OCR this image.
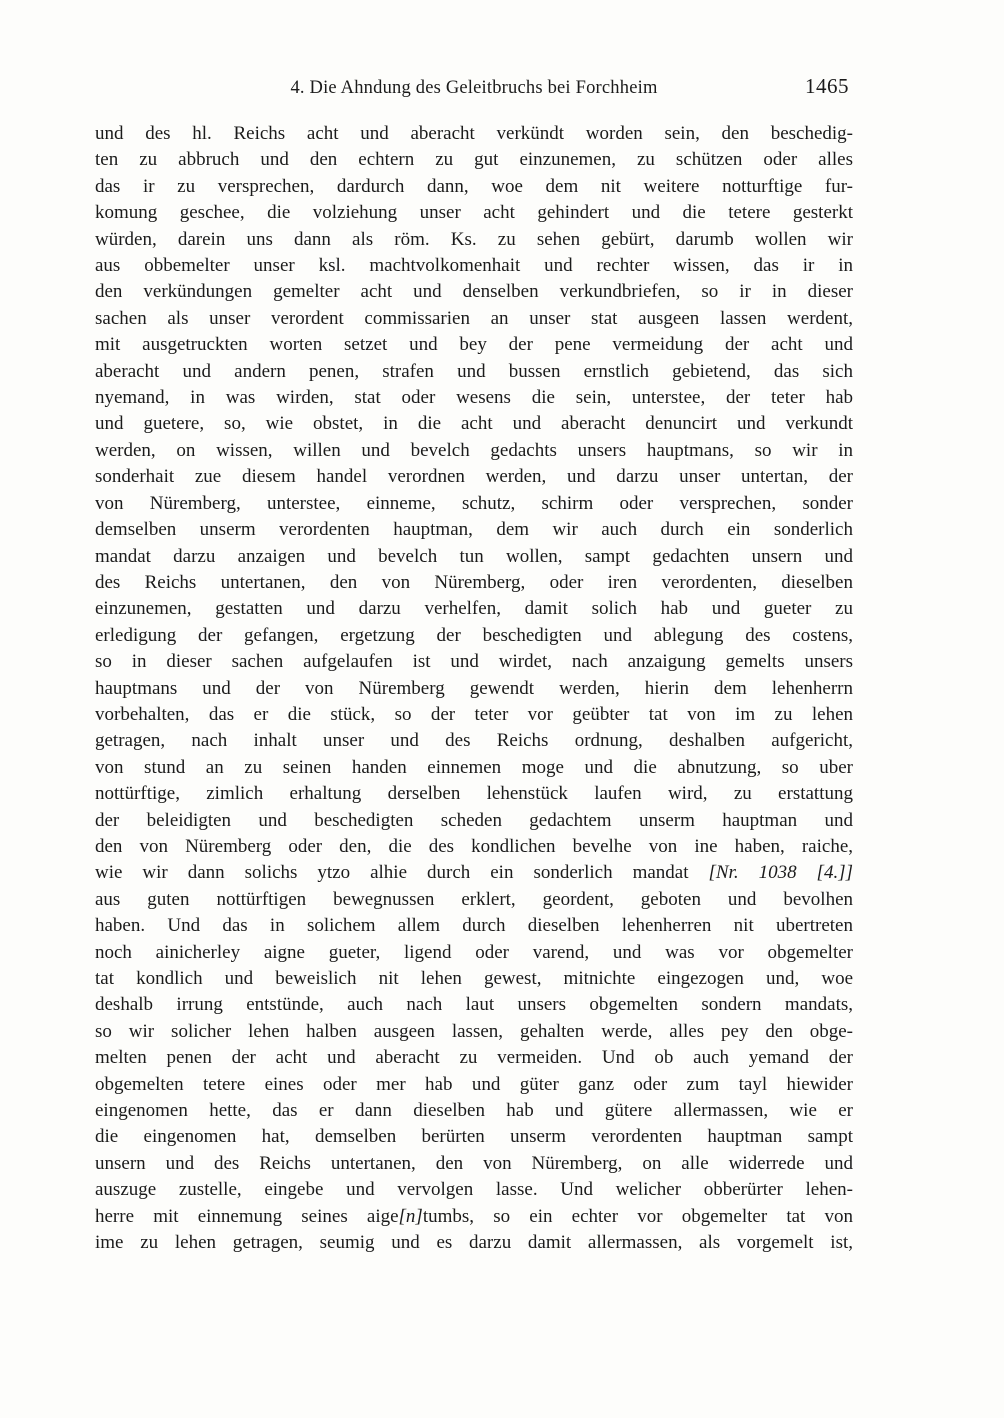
4. Die Ahndung des Geleitbruchs bei Forchheim	1465
und des hl. Reichs acht und aberacht verkündt worden sein, den beschedig-
ten zu abbruch und den echtern zu gut einzunemen, zu schützen oder alles
das ir zu versprechen, dardurch dann, woe dem nit weitere notturftige fur-
komung geschee, die volziehung unser acht gehindert und die tetere gesterkt
würden, darein uns dann als röm. Ks. zu sehen gebürt, darumb wollen wir
aus obbemelter unser ksl. machtvolkomenhait und rechter wissen, das ir in
den verkündungen gemelter acht und denselben verkundbriefen, so ir in dieser
sachen als unser verordent commissarien an unser stat ausgeen lassen werdent,
mit ausgetruckten worten setzet und bey der pene vermeidung der acht und
aberacht und andern penen, strafen und bussen ernstlich gebietend, das sich
nyemand, in was wirden, stat oder wesens die sein, unterstee, der teter hab
und guetere, so, wie obstet, in die acht und aberacht denuncirt und verkundt
werden, on wissen, willen und bevelch gedachts unsers hauptmans, so wir in
sonderhait zue diesem handel verordnen werden, und darzu unser untertan, der
von Nüremberg, unterstee, einneme, schutz, schirm oder versprechen, sonder
demselben unserm verordenten hauptman, dem wir auch durch ein sonderlich
mandat darzu anzaigen und bevelch tun wollen, sampt gedachten unsern und
des Reichs untertanen, den von Nüremberg, oder iren verordenten, dieselben
einzunemen, gestatten und darzu verhelfen, damit solich hab und gueter zu
erledigung der gefangen, ergetzung der beschedigten und ablegung des costens,
so in dieser sachen aufgelaufen ist und wirdet, nach anzaigung gemelts unsers
hauptmans und der von Nüremberg gewendt werden, hierin dem lehenherrn
vorbehalten, das er die stück, so der teter vor geübter tat von im zu lehen
getragen, nach inhalt unser und des Reichs ordnung, deshalben aufgericht,
von stund an zu seinen handen einnemen moge und die abnutzung, so uber
nottürftige, zimlich erhaltung derselben lehenstück laufen wird, zu erstattung
der beleidigten und beschedigten scheden gedachtem unserm hauptman und
den von Nüremberg oder den, die des kondlichen bevelhe von ine haben, raiche,
wie wir dann solichs ytzo alhie durch ein sonderlich mandat [Nr. 1038 [4.]]
aus guten nottürftigen bewegnussen erklert, geordent, geboten und bevolhen
haben. Und das in solichem allem durch dieselben lehenherren nit ubertreten
noch ainicherley aigne gueter, ligend oder varend, und was vor obgemelter
tat kondlich und beweislich nit lehen gewest, mitnichte eingezogen und, woe
deshalb irrung entstünde, auch nach laut unsers obgemelten sondern mandats,
so wir solicher lehen halben ausgeen lassen, gehalten werde, alles pey den obge-
melten penen der acht und aberacht zu vermeiden. Und ob auch yemand der
obgemelten tetere eines oder mer hab und güter ganz oder zum tayl hiewider
eingenomen hette, das er dann dieselben hab und gütere allermassen, wie er
die eingenomen hat, demselben berürten unserm verordenten hauptman sampt
unsern und des Reichs untertanen, den von Nüremberg, on alle widerrede und
auszuge zustelle, eingebe und vervolgen lasse. Und welicher obberürter lehen-
herre mit einnemung seines aige[n]tumbs, so ein echter vor obgemelter tat von
ime zu lehen getragen, seumig und es darzu damit allermassen, als vorgemelt ist,
